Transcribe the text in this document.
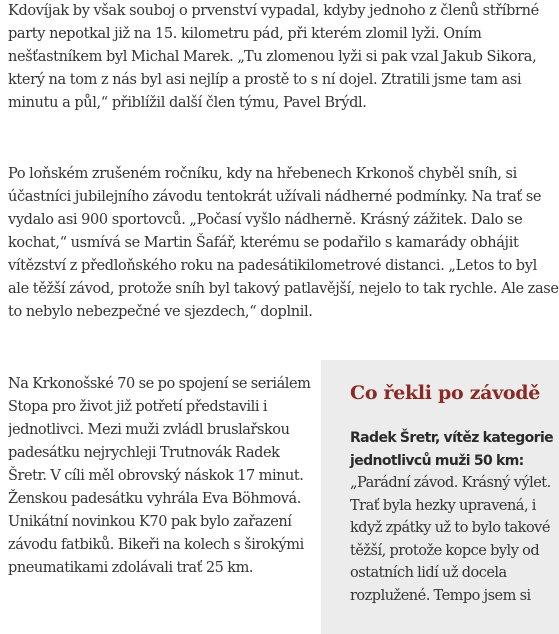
Kdovíjak by však souboj o prvenství vypadal, kdyby jednoho z členů stříbrné party nepotkal již na 15. kilometru pád, při kterém zlomil lyži. Oním nešťastníkem byl Michal Marek. „Tu zlomenou lyži si pak vzal Jakub Sikora, který na tom z nás byl asi nejlíp a prostě to s ní dojel. Ztratili jsme tam asi minutu a půl,“ přiblížil další člen týmu, Pavel Brýdl.

Po loňském zrušeném ročníku, kdy na hřebenech Krkonoš chyběl sníh, si účastníci jubilejního závodu tentokrát užívali nádherné podmínky. Na trať se vydalo asi 900 sportovců. „Počasí vyšlo nádherně. Krásný zážitek. Dalo se kochat,“ usmívá se Martin Šafář, kterému se podařilo s kamarády obhájit vítězství z předloňského roku na padesátikilometrové distanci. „Letos to byl ale těžší závod, protože sníh byl takový patlavější, nejelo to tak rychle. Ale zase to nebylo nebezpečné ve sjezdech,“ doplnil.

Na Krkonošské 70 se po spojení se seriálem Stopa pro život již potřetí představili i jednotlivci. Mezi muži zvládl bruslařskou padesátku nejrychleji Trutnovák Radek Šretr. V cíli měl obrovský náskok 17 minut. Ženskou padesátku vyhrála Eva Böhmová. Unikátní novinkou K70 pak bylo zařazení závodu fatbiků. Bikeři na kolech s širokými pneumatikami zdolávali trať 25 km.

Co řekli po závodě

Radek Šretr, vítěz kategorie jednotlivců muži 50 km: „Parádní závod. Krásný výlet. Trať byla hezky upravená, i když zpátky už to bylo takové těžší, protože kopce byly od ostatních lidí už docela rozplužené. Tempo jsem si
